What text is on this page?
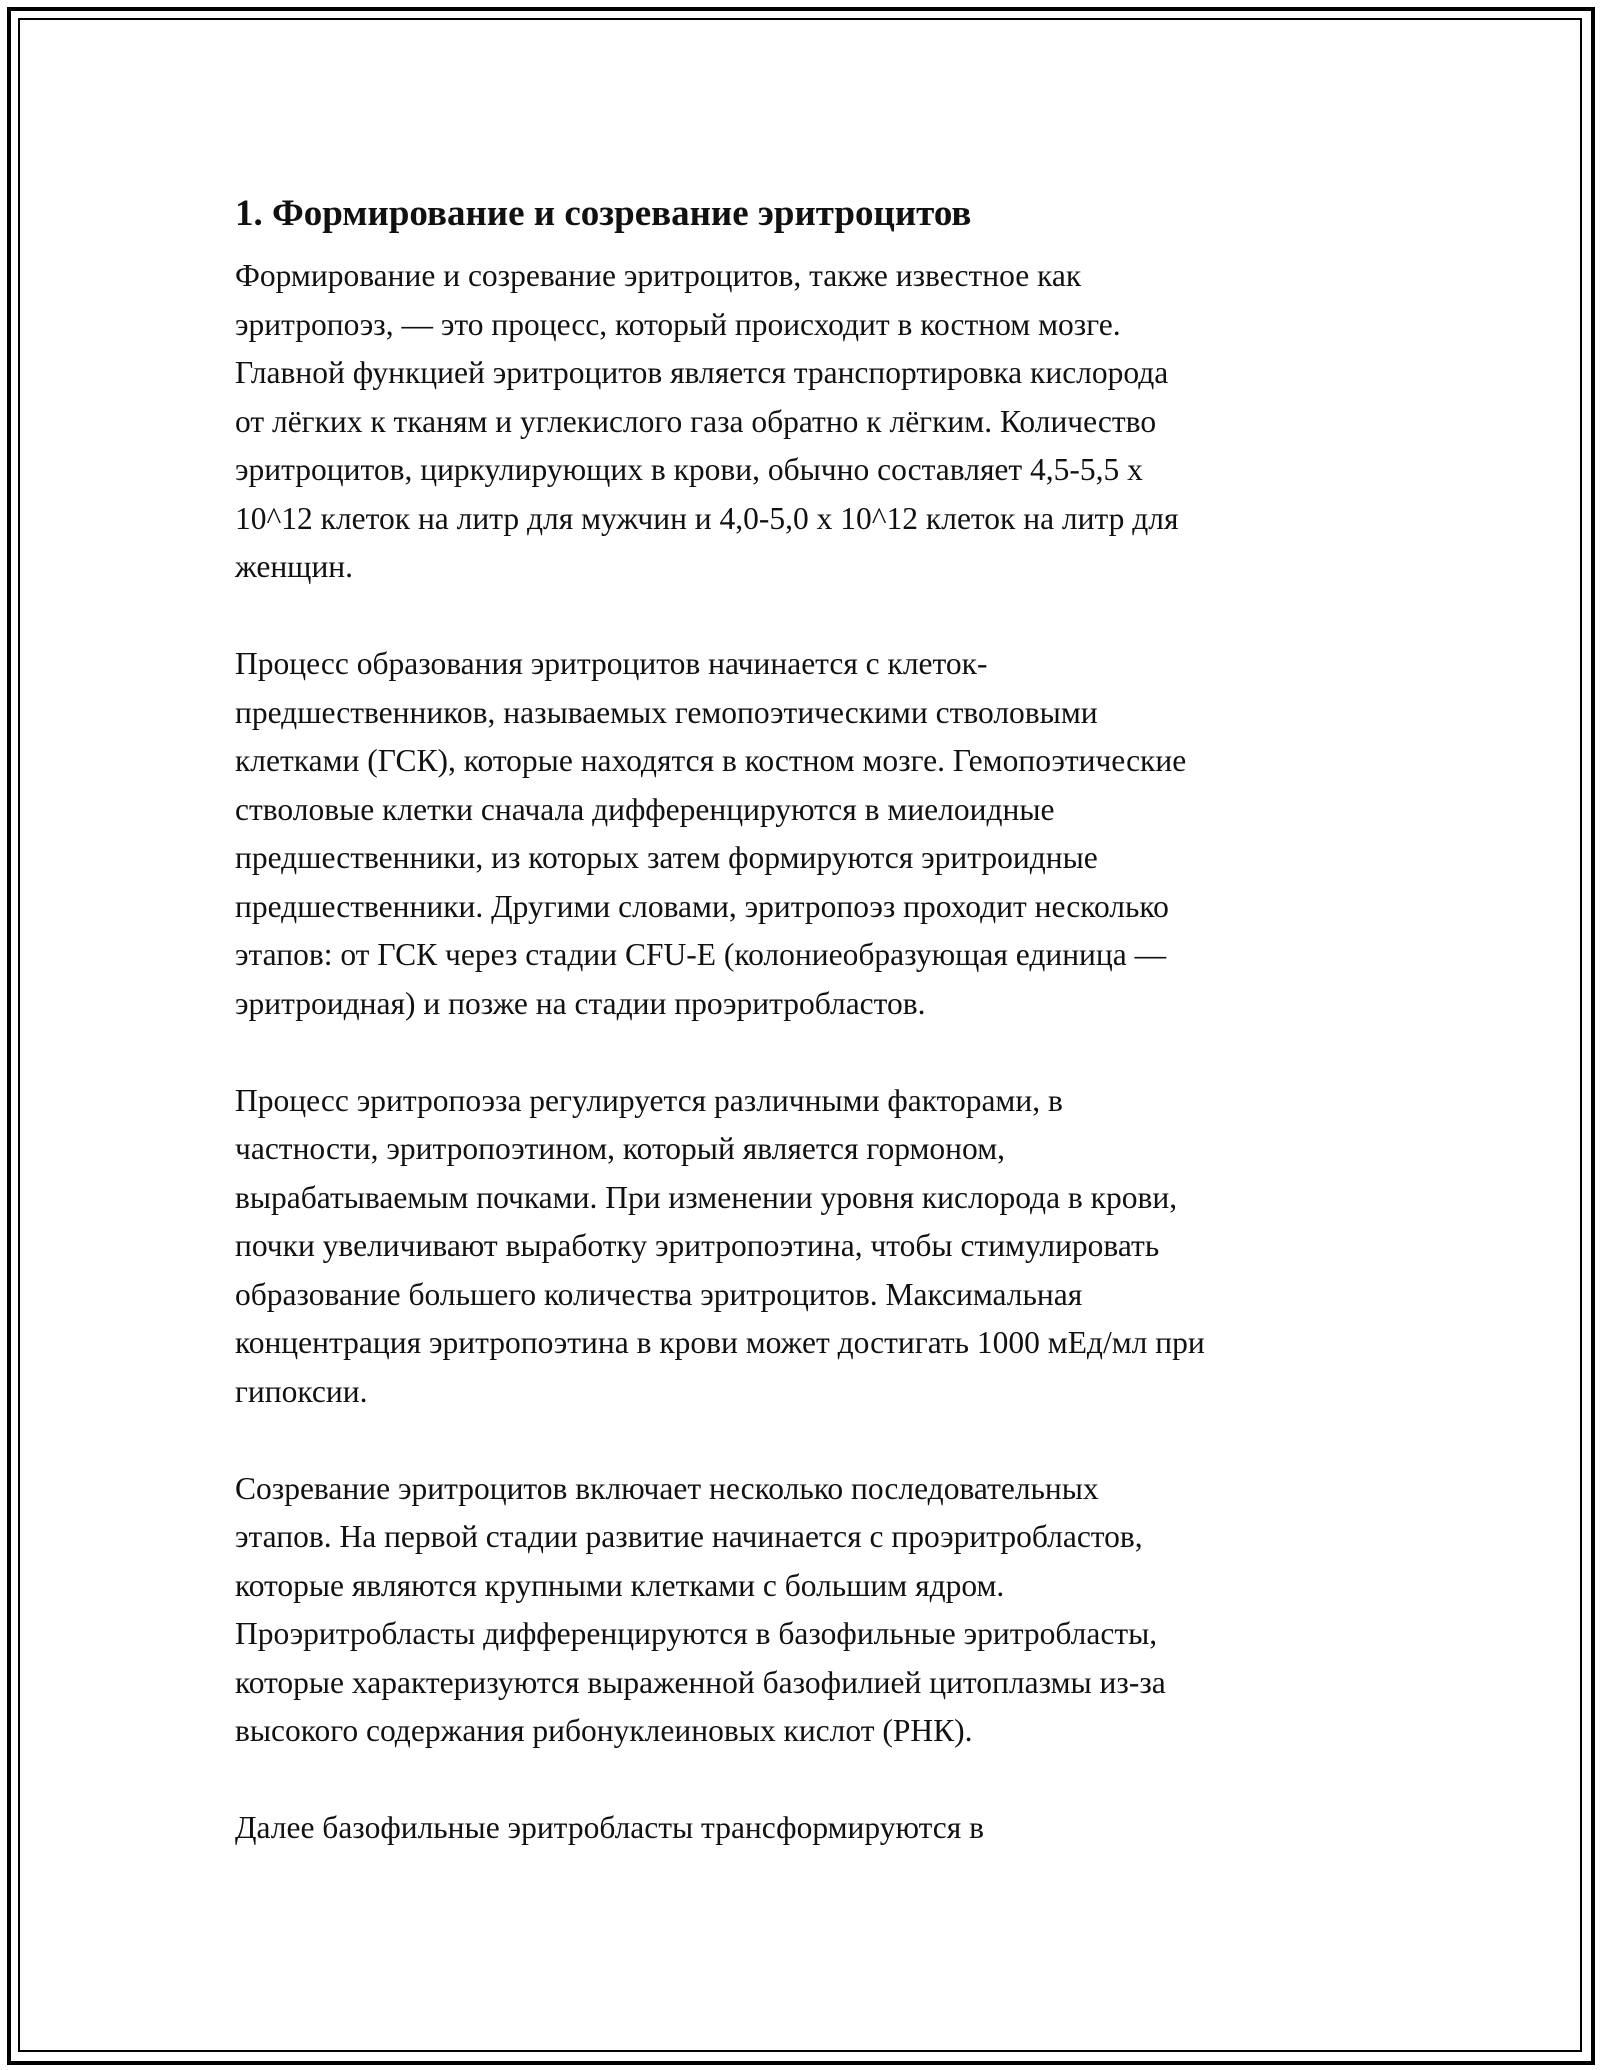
1. Формирование и созревание эритроцитов

Формирование и созревание эритроцитов, также известное как
эритропоэз, — это процесс, который происходит в костном мозге.
Главной функцией эритроцитов является транспортировка кислорода
от лёгких к тканям и углекислого газа обратно к лёгким. Количество
эритроцитов, циркулирующих в крови, обычно составляет 4,5-5,5 x
10^12 клеток на литр для мужчин и 4,0-5,0 x 10^12 клеток на литр для
женщин.

Процесс образования эритроцитов начинается с клеток-
предшественников, называемых гемопоэтическими стволовыми
клетками (ГСК), которые находятся в костном мозге. Гемопоэтические
стволовые клетки сначала дифференцируются в миелоидные
предшественники, из которых затем формируются эритроидные
предшественники. Другими словами, эритропоэз проходит несколько
этапов: от ГСК через стадии CFU-E (колониеобразующая единица —
эритроидная) и позже на стадии проэритробластов.

Процесс эритропоэза регулируется различными факторами, в
частности, эритропоэтином, который является гормоном,
вырабатываемым почками. При изменении уровня кислорода в крови,
почки увеличивают выработку эритропоэтина, чтобы стимулировать
образование большего количества эритроцитов. Максимальная
концентрация эритропоэтина в крови может достигать 1000 мЕд/мл при
гипоксии.

Созревание эритроцитов включает несколько последовательных
этапов. На первой стадии развитие начинается с проэритробластов,
которые являются крупными клетками с большим ядром.
Проэритробласты дифференцируются в базофильные эритробласты,
которые характеризуются выраженной базофилией цитоплазмы из-за
высокого содержания рибонуклеиновых кислот (РНК).

Далее базофильные эритробласты трансформируются в
